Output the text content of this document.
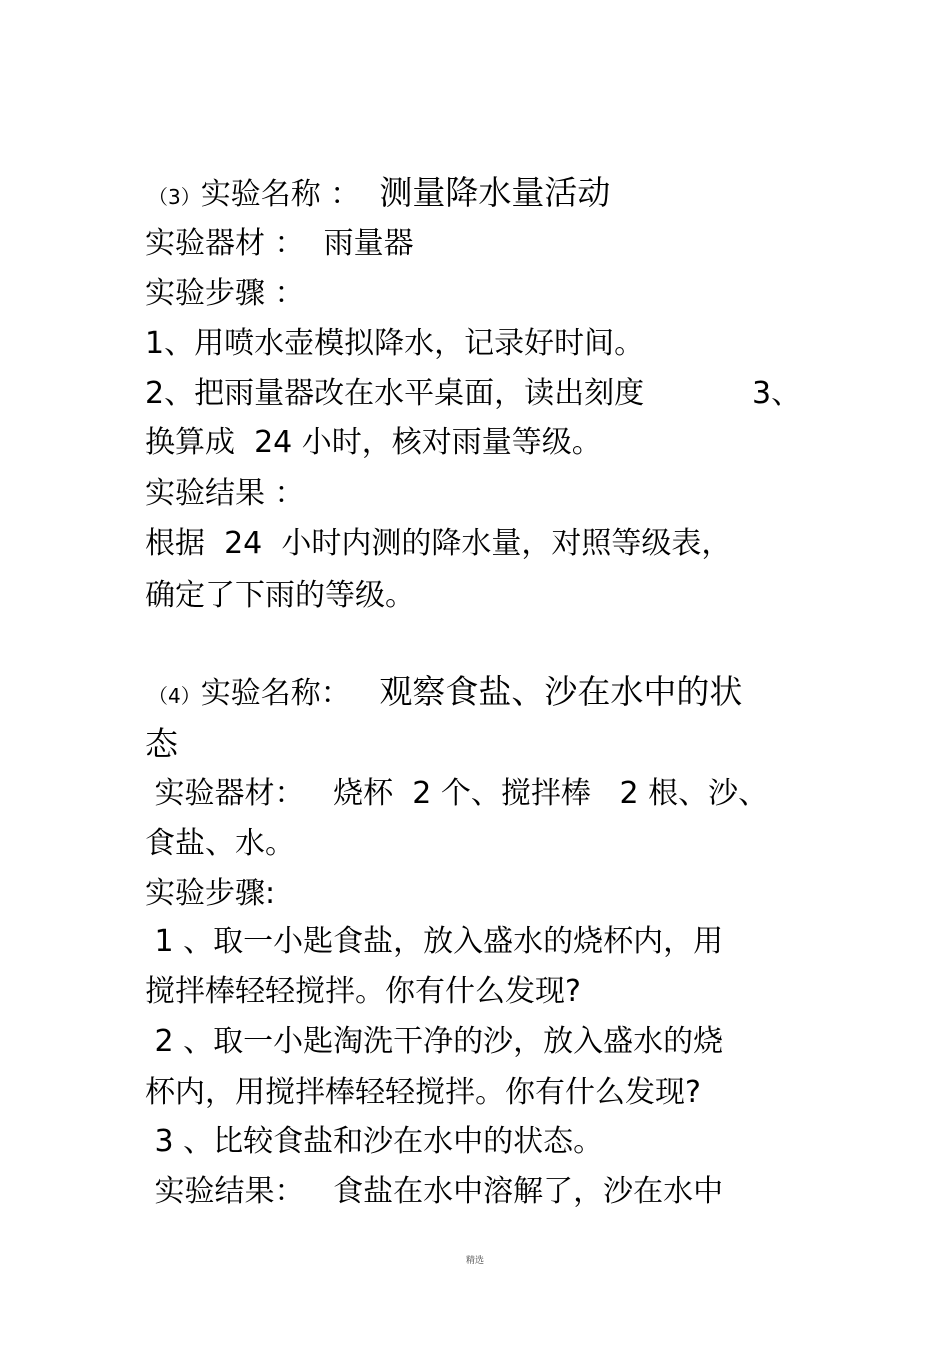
（3）实验名称 ： 测量降水量活动

实验器材 ：  雨量器

实验步骤 ：

1、用喷水壶模拟降水，记录好时间。

2、把雨量器改在水平桌面，读出刻度	3、

换算成  24 小时，核对雨量等级。

实验结果 ：

根据  24  小时内测的降水量，对照等级表，

确定了下雨的等级。

（4）实验名称： 观察食盐、沙在水中的状

态

实验器材：   烧杯  2 个、搅拌棒   2 根、沙、

食盐、水。

实验步骤:

1 、取一小匙食盐，放入盛水的烧杯内，用

搅拌棒轻轻搅拌。你有什么发现?

2 、取一小匙淘洗干净的沙，放入盛水的烧

杯内，用搅拌棒轻轻搅拌。你有什么发现?

3 、比较食盐和沙在水中的状态。

实验结果：   食盐在水中溶解了，沙在水中

精选
